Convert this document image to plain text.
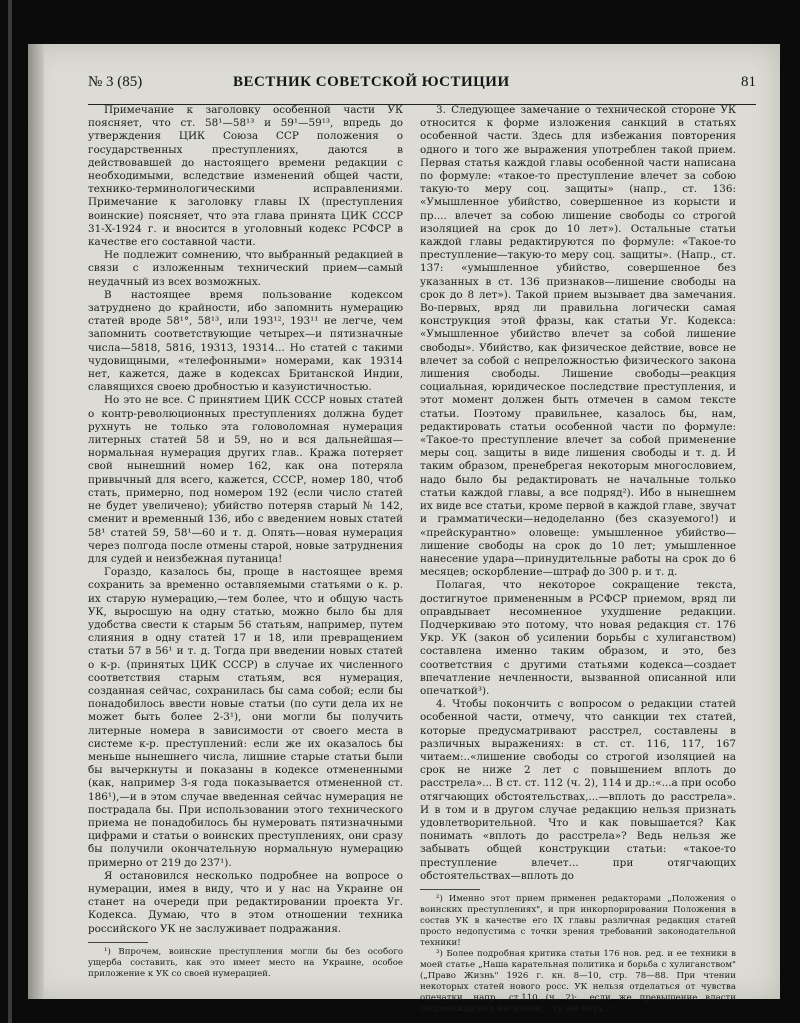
№ 3 (85)	ВЕСТНИК СОВЕТСКОЙ ЮСТИЦИИ	81

Примечание к заголовку особенной части УК поясняет, что ст. 58¹—58¹³ и 59¹—59¹³, впредь до утверждения ЦИК Союза ССР положения о государственных преступлениях, даются в действовавшей до настоящего времени редакции с необходимыми, вследствие изменений общей части, технико-терминологическими исправлениями. Примечание к заголовку главы IX (преступления воинские) поясняет, что эта глава принята ЦИК СССР 31-X-1924 г. и вносится в уголовный кодекс РСФСР в качестве его составной части.

Не подлежит сомнению, что выбранный редакцией в связи с изложенным технический прием—самый неудачный из всех возможных.

В настоящее время пользование кодексом затруднено до крайности, ибо запомнить нумерацию статей вроде 58¹°, 58¹³, или 193¹², 193¹¹ не легче, чем запомнить соответствующие четырех—и пятизначные числа—5818, 5816, 19313, 19314... Но статей с такими чудовищными, «телефонными» номерами, как 19314 нет, кажется, даже в кодексах Британской Индии, славящихся своею дробностью и казуистичностью.

Но это не все. С принятием ЦИК СССР новых статей о контр-революционных преступлениях должна будет рухнуть не только эта головоломная нумерация литерных статей 58 и 59, но и вся дальнейшая—нормальная нумерация других глав.. Кража потеряет свой нынешний номер 162, как она потеряла привычный для всего, кажется, СССР, номер 180, чтоб стать, примерно, под номером 192 (если число статей не будет увеличено); убийство потеряв старый № 142, сменит и временный 136, ибо с введением новых статей 58¹ статей 59, 58¹—60 и т. д. Опять—новая нумерация через полгода после отмены старой, новые затруднения для судей и неизбежная путаница!

Гораздо, казалось бы, проще в настоящее время сохранить за временно оставляемыми статьями о к. р. их старую нумерацию,—тем более, что и общую часть УК, выросшую на одну статью, можно было бы для удобства свести к старым 56 статьям, например, путем слияния в одну статей 17 и 18, или превращением статьи 57 в 56¹ и т. д. Тогда при введении новых статей о к-р. (принятых ЦИК СССР) в случае их численного соответствия старым статьям, вся нумерация, созданная сейчас, сохранилась бы сама собой; если бы понадобилось ввести новые статьи (по сути дела их не может быть более 2-3¹), они могли бы получить литерные номера в зависимости от своего места в системе к-р. преступлений: если же их оказалось бы меньше нынешнего числа, лишние старые статьи были бы вычеркнуты и показаны в кодексе отмененными (как, например 3-я года показывается отмененной ст. 186¹),—и в этом случае введенная сейчас нумерация не пострадала бы. При использовании этого технического приема не понадобилось бы нумеровать пятизначными цифрами и статьи о воинских преступлениях, они сразу бы получили окончательную нормальную нумерацию примерно от 219 до 237¹).

Я остановился несколько подробнее на вопросе о нумерации, имея в виду, что и у нас на Украине он станет на очереди при редактировании проекта Уг. Кодекса. Думаю, что в этом отношении техника российского УК не заслуживает подражания.

¹) Впрочем, воинские преступления могли бы без особого ущерба составить, как это имеет место на Украине, особое приложение к УК со своей нумерацией.

3. Следующее замечание о технической стороне УК относится к форме изложения санкций в статьях особенной части. Здесь для избежания повторения одного и того же выражения употреблен такой прием. Первая статья каждой главы особенной части написана по формуле: «такое-то преступление влечет за собою такую-то меру соц. защиты» (напр., ст. 136: «Умышленное убийство, совершенное из корысти и пр.... влечет за собою лишение свободы со строгой изоляцией на срок до 10 лет»). Остальные статьи каждой главы редактируются по формуле: «Такое-то преступление—такую-то меру соц. защиты». (Напр., ст. 137: «умышленное убийство, совершенное без указанных в ст. 136 признаков—лишение свободы на срок до 8 лет»). Такой прием вызывает два замечания. Во-первых, вряд ли правильна логически самая конструкция этой фразы, как статьи Уг. Кодекса: «Умышленное убийство влечет за собой лишение свободы». Убийство, как физическое действие, вовсе не влечет за собой с непреложностью физического закона лишения свободы. Лишение свободы—реакция социальная, юридическое последствие преступления, и этот момент должен быть отмечен в самом тексте статьи. Поэтому правильнее, казалось бы, нам, редактировать статьи особенной части по формуле: «Такое-то преступление влечет за собой применение меры соц. защиты в виде лишения свободы и т. д. И таким образом, пренебрегая некоторым многословием, надо было бы редактировать не начальные только статьи каждой главы, а все подряд²). Ибо в нынешнем их виде все статьи, кроме первой в каждой главе, звучат и грамматически—недоделанно (без сказуемого!) и «прейскурантно» оловеще: умышленное убийство—лишение свободы на срок до 10 лет; умышленное нанесение удара—принудительные работы на срок до 6 месяцев; оскорбление—штраф до 300 р. и т. д.

Полагая, что некоторое сокращение текста, достигнутое примененным в РСФСР приемом, вряд ли оправдывает несомненное ухудшение редакции. Подчеркиваю это потому, что новая редакция ст. 176 Укр. УК (закон об усилении борьбы с хулиганством) составлена именно таким образом, и это, без соответствия с другими статьями кодекса—создает впечатление нечленности, вызванной описанной или опечаткой³).

4. Чтобы покончить с вопросом о редакции статей особенной части, отмечу, что санкции тех статей, которые предусматривают расстрел, составлены в различных выражениях: в ст. ст. 116, 117, 167 читаем:..«лишение свободы со строгой изоляцией на срок не ниже 2 лет с повышением вплоть до расстрела»... В ст. ст. 112 (ч. 2), 114 и др.:«...а при особо отягчающих обстоятельствах,...—вплоть до расстрела». И в том и в другом случае редакцию нельзя признать удовлетворительной. Что и как повышается? Как понимать «вплоть до расстрела»? Ведь нельзя же забывать общей конструкции статьи: «такое-то преступление влечет... при отягчающих обстоятельствах—вплоть до

²) Именно этот прием применен редакторами „Положения о воинских преступлениях", и при инкорпорировании Положения в состав УК в качестве его IX главы различная редакция статей просто недопустима с точки зрения требований законодательной техники!

³) Более подробная критика статьи 176 нов. ред. и ее техники в моей статье „Наша карательная политика и борьба с хулиганством" („Право Жизнь" 1926 г. кн. 8—10, стр. 78—88. При чтении некоторых статей нового росс. УК нельзя отделаться от чувства опечатки, напр., ст.110 (ч. 2): „если же превышение власти сопровождалось насилием... ту же меру..."
